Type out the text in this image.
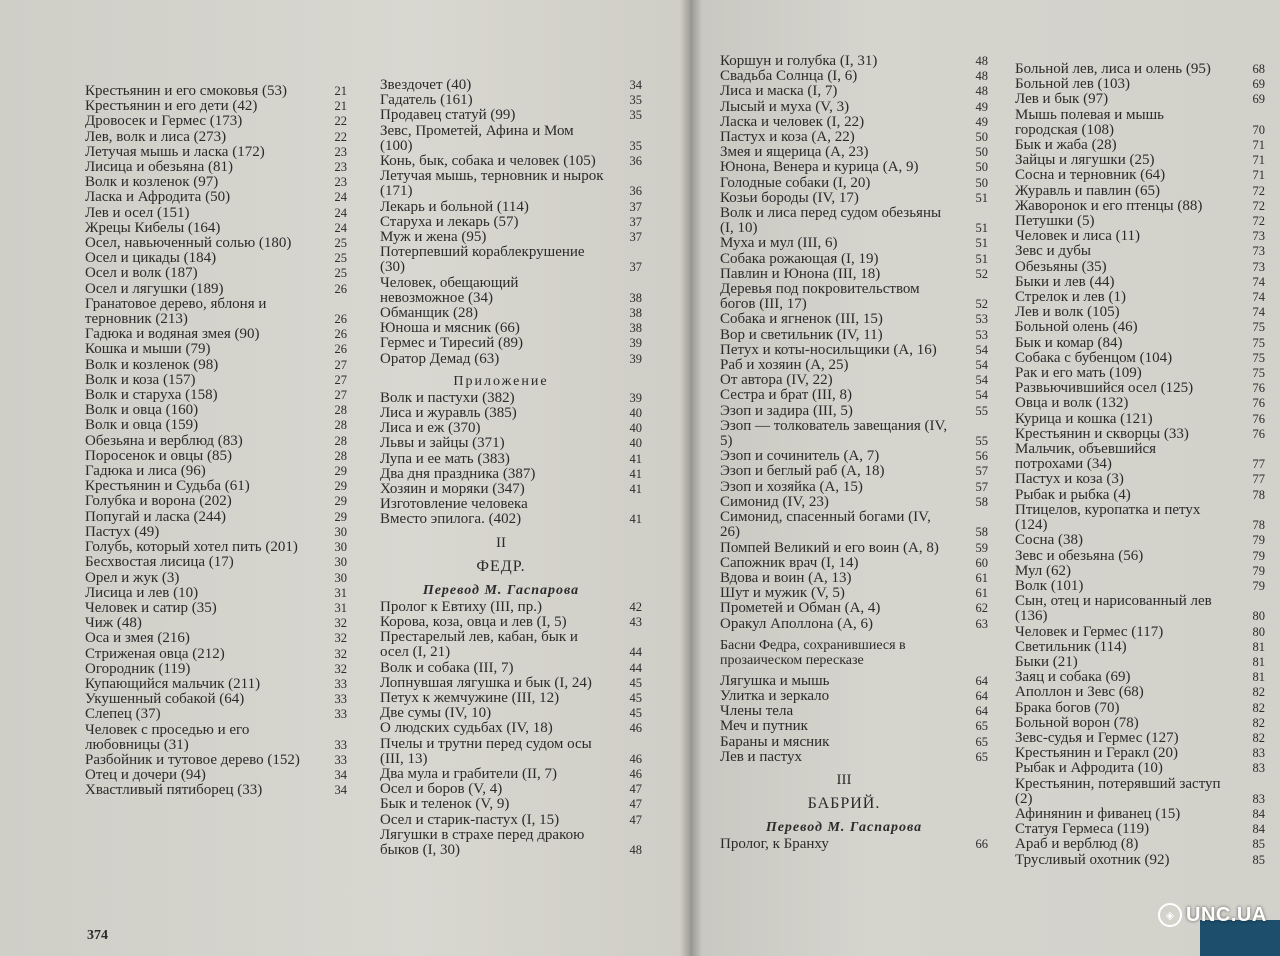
Крестьянин и его смоковья (53)	21
Крестьянин и его дети (42)	21
Дровосек и Гермес (173)	22
Лев, волк и лиса (273)	22
Летучая мышь и ласка (172)	23
Лисица и обезьяна (81)	23
Волк и козленок (97)	23
Ласка и Афродита (50)	24
Лев и осел (151)	24
Жрецы Кибелы (164)	24
Осел, навьюченный солью (180)	25
Осел и цикады (184)	25
Осел и волк (187)	25
Осел и лягушки (189)	26
Гранатовое дерево, яблоня и терновник (213)	26
Гадюка и водяная змея (90)	26
Кошка и мыши (79)	26
Волк и козленок (98)	27
Волк и коза (157)	27
Волк и старуха (158)	27
Волк и овца (160)	28
Волк и овца (159)	28
Обезьяна и верблюд (83)	28
Поросенок и овцы (85)	28
Гадюка и лиса (96)	29
Крестьянин и Судьба (61)	29
Голубка и ворона (202)	29
Попугай и ласка (244)	29
Пастух (49)	30
Голубь, который хотел пить (201)	30
Бесхвостая лисица (17)	30
Орел и жук (3)	30
Лисица и лев (10)	31
Человек и сатир (35)	31
Чиж (48)	32
Оса и змея (216)	32
Стриженая овца (212)	32
Огородник (119)	32
Купающийся мальчик (211)	33
Укушенный собакой (64)	33
Слепец (37)	33
Человек с проседью и его любовницы (31)	33
Разбойник и тутовое дерево (152)	33
Отец и дочери (94)	34
Хвастливый пятиборец (33)	34
Звездочет (40)	34
Гадатель (161)	35
Продавец статуй (99)	35
Зевс, Прометей, Афина и Мом (100)	35
Конь, бык, собака и человек (105)	36
Летучая мышь, терновник и нырок (171)	36
Лекарь и больной (114)	37
Старуха и лекарь (57)	37
Муж и жена (95)	37
Потерпевший кораблекрушение (30)	37
Человек, обещающий невозможное (34)	38
Обманщик (28)	38
Юноша и мясник (66)	38
Гермес и Тиресий (89)	39
Оратор Демад (63)	39
Приложение
Волк и пастухи (382)	39
Лиса и журавль (385)	40
Лиса и еж (370)	40
Львы и зайцы (371)	40
Лупа и ее мать (383)	41
Два дня праздника (387)	41
Хозяин и моряки (347)	41
Изготовление человека
Вместо эпилога. (402)	41
II
ФЕДР.
Перевод М. Гаспарова
Пролог к Евтиху (III, пр.)	42
Корова, коза, овца и лев (I, 5)	43
Престарелый лев, кабан, бык и осел (I, 21)	44
Волк и собака (III, 7)	44
Лопнувшая лягушка и бык (I, 24)	45
Петух к жемчужине (III, 12)	45
Две сумы (IV, 10)	45
О людских судьбах (IV, 18)	46
Пчелы и трутни перед судом осы (III, 13)	46
Два мула и грабители (II, 7)	46
Осел и боров (V, 4)	47
Бык и теленок (V, 9)	47
Осел и старик-пастух (I, 15)	47
Лягушки в страхе перед дракою быков (I, 30)	48
374
Коршун и голубка (I, 31)	48
Свадьба Солнца (I, 6)	48
Лиса и маска (I, 7)	48
Лысый и муха (V, 3)	49
Ласка и человек (I, 22)	49
Пастух и коза (А, 22)	50
Змея и ящерица (А, 23)	50
Юнона, Венера и курица (А, 9)	50
Голодные собаки (I, 20)	50
Козьи бороды (IV, 17)	51
Волк и лиса перед судом обезьяны (I, 10)	51
Муха и мул (III, 6)	51
Собака рожающая (I, 19)	51
Павлин и Юнона (III, 18)	52
Деревья под покровительством богов (III, 17)	52
Собака и ягненок (III, 15)	53
Вор и светильник (IV, 11)	53
Петух и коты-носильщики (А, 16)	54
Раб и хозяин (А, 25)	54
От автора (IV, 22)	54
Сестра и брат (III, 8)	54
Эзоп и задира (III, 5)	55
Эзоп — толкователь завещания (IV, 5)	55
Эзоп и сочинитель (А, 7)	56
Эзоп и беглый раб (А, 18)	57
Эзоп и хозяйка (А, 15)	57
Симонид (IV, 23)	58
Симонид, спасенный богами (IV, 26)	58
Помпей Великий и его воин (А, 8)	59
Сапожник врач (I, 14)	60
Вдова и воин (А, 13)	61
Шут и мужик (V, 5)	61
Прометей и Обман (А, 4)	62
Оракул Аполлона (А, 6)	63
Басни Федра, сохранившиеся в прозаическом пересказе
Лягушка и мышь	64
Улитка и зеркало	64
Члены тела	64
Меч и путник	65
Бараны и мясник	65
Лев и пастух	65
III
БАБРИЙ.
Перевод М. Гаспарова
Пролог, к Бранху	66
Больной лев, лиса и олень (95)	68
Больной лев (103)	69
Лев и бык (97)	69
Мышь полевая и мышь городская (108)	70
Бык и жаба (28)	71
Зайцы и лягушки (25)	71
Сосна и терновник (64)	71
Журавль и павлин (65)	72
Жаворонок и его птенцы (88)	72
Петушки (5)	72
Человек и лиса (11)	73
Зевс и дубы	73
Обезьяны (35)	73
Быки и лев (44)	74
Стрелок и лев (1)	74
Лев и волк (105)	74
Больной олень (46)	75
Бык и комар (84)	75
Собака с бубенцом (104)	75
Рак и его мать (109)	75
Развьючившийся осел (125)	76
Овца и волк (132)	76
Курица и кошка (121)	76
Крестьянин и скворцы (33)	76
Мальчик, объевшийся потрохами (34)	77
Пастух и коза (3)	77
Рыбак и рыбка (4)	78
Птицелов, куропатка и петух (124)	78
Сосна (38)	79
Зевс и обезьяна (56)	79
Мул (62)	79
Волк (101)	79
Сын, отец и нарисованный лев (136)	80
Человек и Гермес (117)	80
Светильник (114)	81
Быки (21)	81
Заяц и собака (69)	81
Аполлон и Зевс (68)	82
Брака богов (70)	82
Больной ворон (78)	82
Зевс-судья и Гермес (127)	82
Крестьянин и Геракл (20)	83
Рыбак и Афродита (10)	83
Крестьянин, потерявший заступ (2)	83
Афинянин и фиванец (15)	84
Статуя Гермеса (119)	84
Араб и верблюд (8)	85
Трусливый охотник (92)	85
◈ UNC.UA
